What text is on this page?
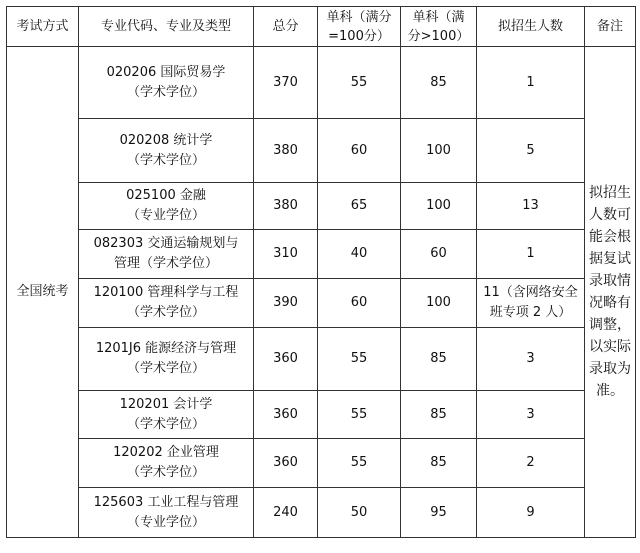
考试方式	专业代码、专业及类型	总分	单科（满分
=100分）	单科（满
分>100）	拟招生人数	备注
全国统考	020206 国际贸易学
（学术学位）	370	55	85	1	拟招生人数可能会根据复试录取情况略有调整，以实际录取为准。

	020208 统计学
（学术学位）	380	60	100	5	

	025100 金融
（专业学位）	380	65	100	13	

	082303 交通运输规划与
管理（学术学位）	310	40	60	1	

	120100 管理科学与工程
（学术学位）	390	60	100	11（含网络安全
班专项 2 人）	

	1201J6 能源经济与管理
（学术学位）	360	55	85	3	

	120201 会计学
（学术学位）	360	55	85	3	

	120202 企业管理
（学术学位）	360	55	85	2	

	125603 工业工程与管理
（专业学位）	240	50	95	9	
